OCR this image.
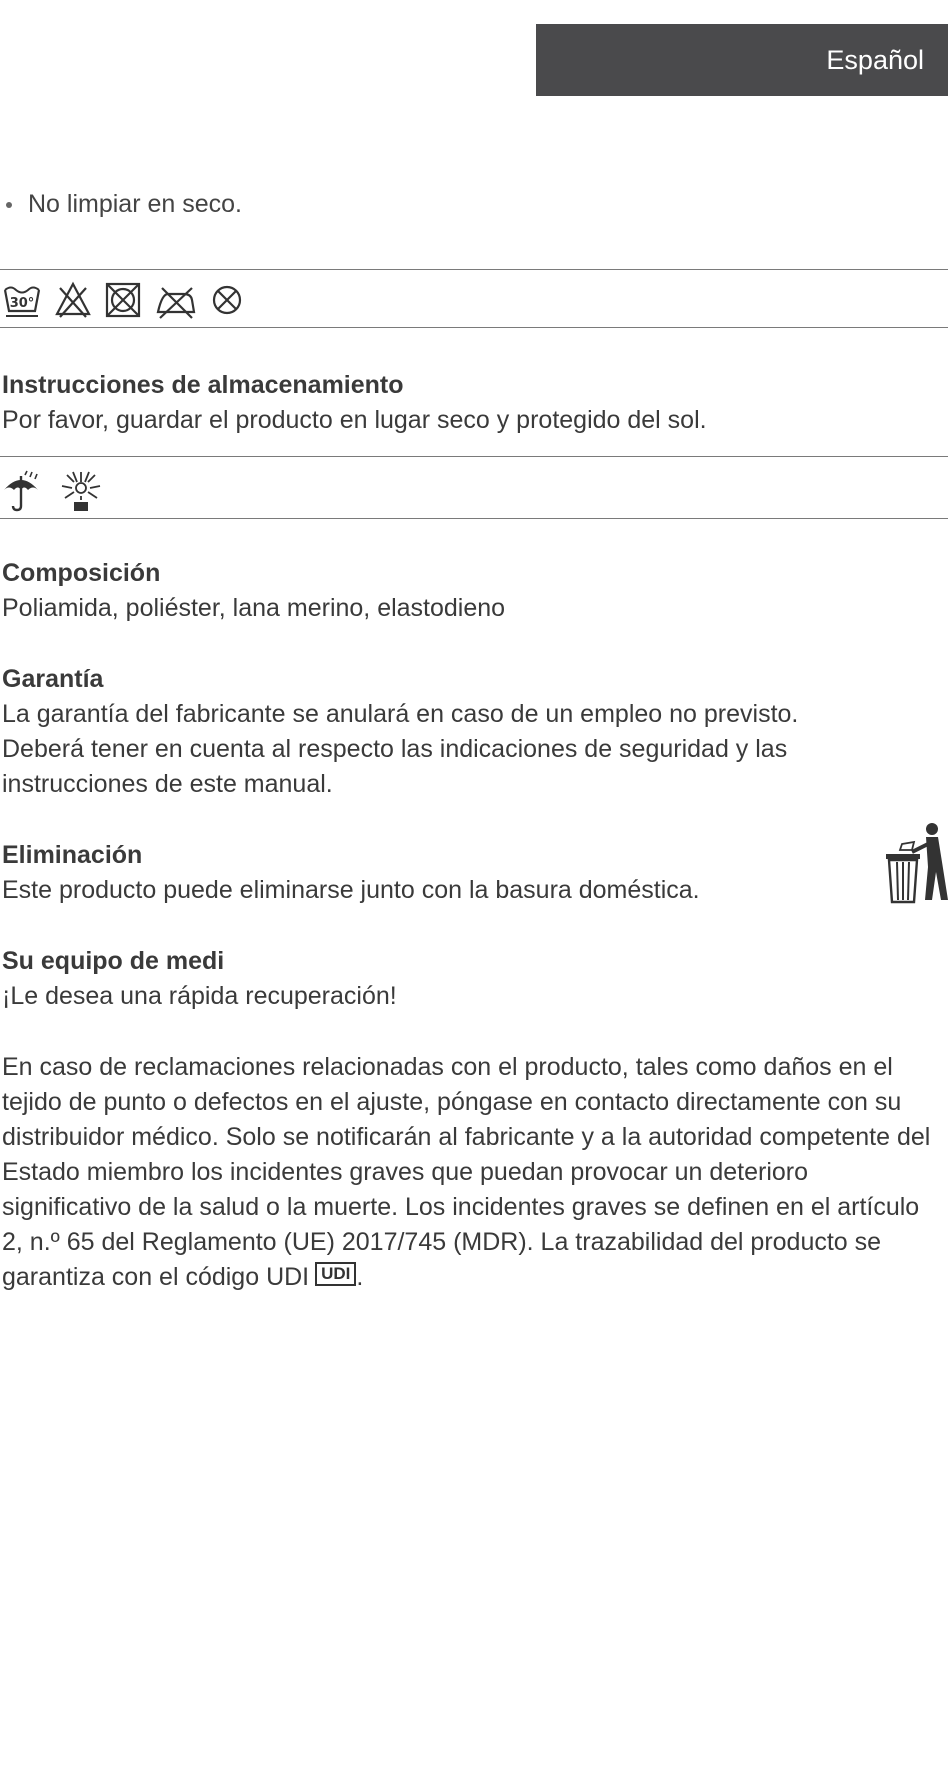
Español
No limpiar en seco.
30°

Instrucciones de almacenamiento

Por favor, guardar el producto en lugar seco y protegido del sol.

Composición

Poliamida, poliéster, lana merino, elastodieno

Garantía

La garantía del fabricante se anulará en caso de un empleo no previsto. Deberá tener en cuenta al respecto las indicaciones de seguridad y las instrucciones de este manual.

Eliminación

Este producto puede eliminarse junto con la basura doméstica.

Su equipo de medi

¡Le desea una rápida recuperación!

En caso de reclamaciones relacionadas con el producto, tales como daños en el tejido de punto o defectos en el ajuste, póngase en contacto directamente con su distribuidor médico. Solo se notificarán al fabricante y a la autoridad competente del Estado miembro los incidentes graves que puedan provocar un deterioro significativo de la salud o la muerte. Los incidentes graves se definen en el artículo 2, n.º 65 del Reglamento (UE) 2017/745 (MDR). La trazabilidad del producto se garantiza con el código UDI UDI .
